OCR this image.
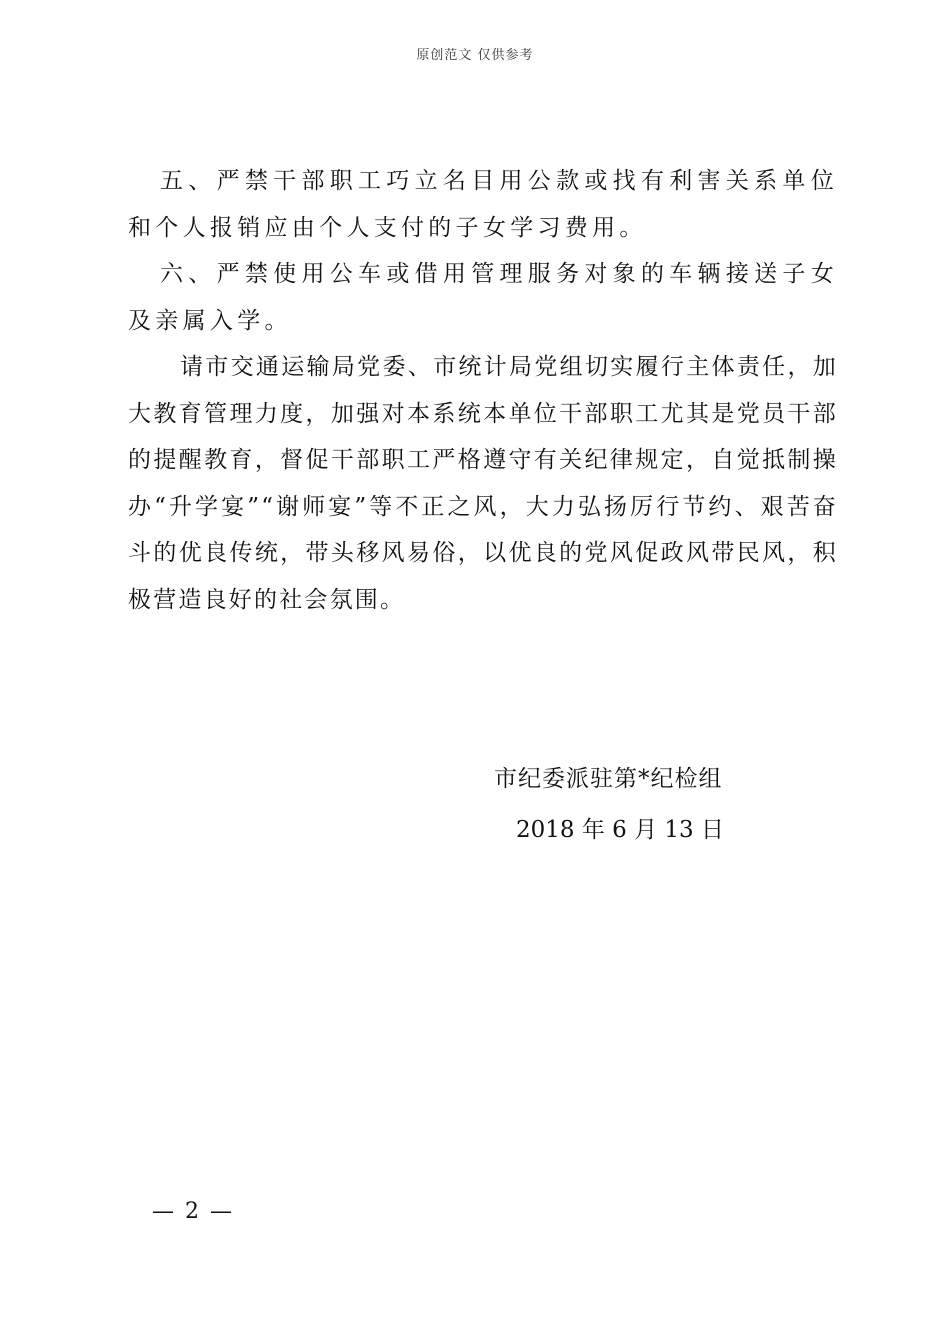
原创范文 仅供参考

五、严禁干部职工巧立名目用公款或找有利害关系单位和个人报销应由个人支付的子女学习费用。

六、严禁使用公车或借用管理服务对象的车辆接送子女及亲属入学。

请市交通运输局党委、市统计局党组切实履行主体责任，加大教育管理力度，加强对本系统本单位干部职工尤其是党员干部的提醒教育，督促干部职工严格遵守有关纪律规定，自觉抵制操办“升学宴”“谢师宴”等不正之风，大力弘扬厉行节约、艰苦奋斗的优良传统，带头移风易俗，以优良的党风促政风带民风，积极营造良好的社会氛围。

市纪委派驻第*纪检组
2018 年 6 月 13 日
— 2 —
